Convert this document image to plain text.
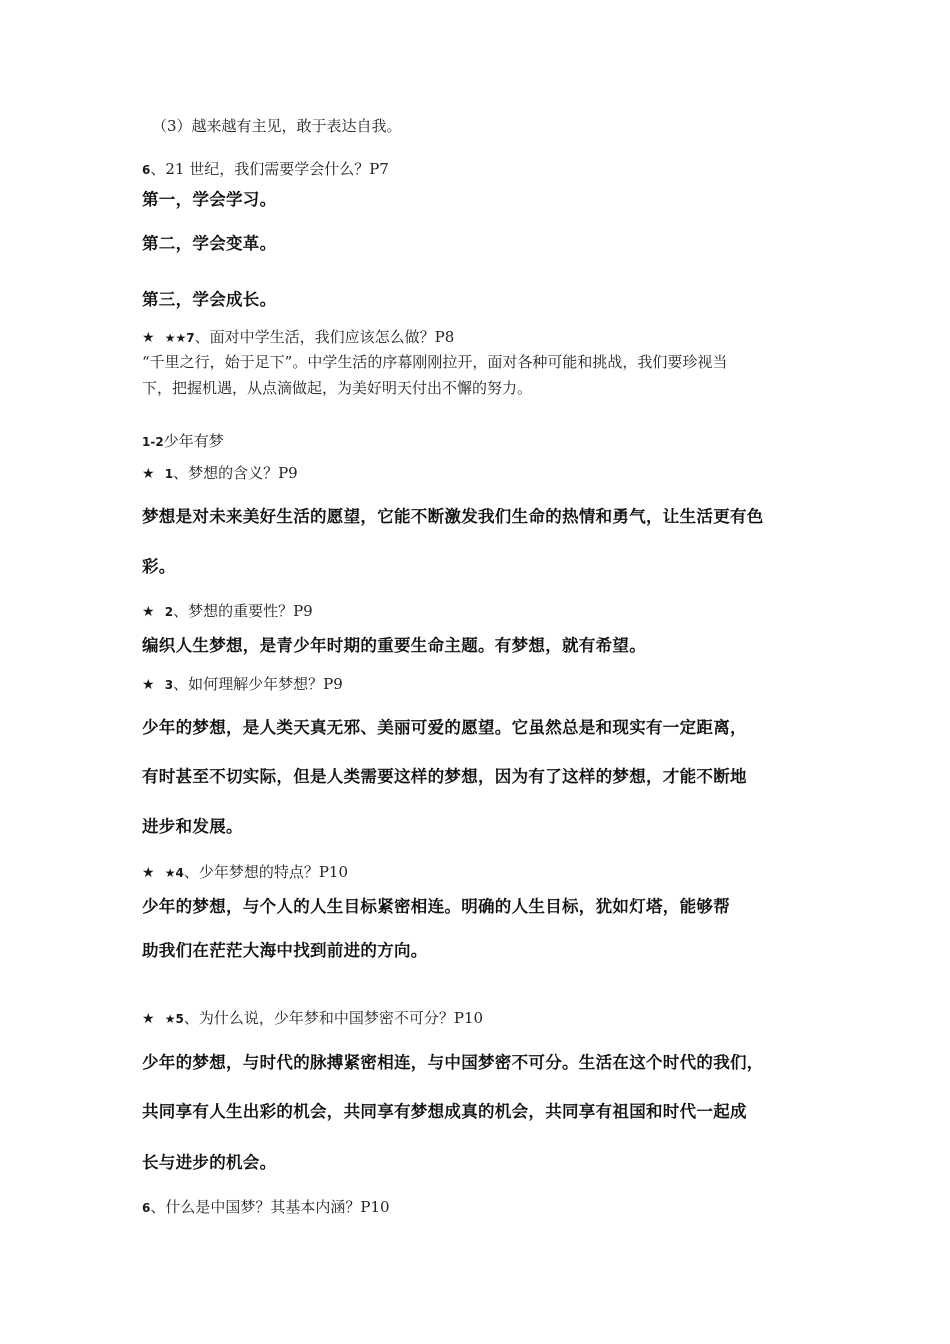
（3）越来越有主见，敢于表达自我。
6、21 世纪，我们需要学会什么？P7
第一，学会学习。
第二，学会变革。
第三，学会成长。
★ ★★7、面对中学生活，我们应该怎么做？P8
“千里之行，始于足下”。中学生活的序幕刚刚拉开，面对各种可能和挑战，我们要珍视当
下，把握机遇，从点滴做起，为美好明天付出不懈的努力。
1-2少年有梦
★ 1、梦想的含义？P9
梦想是对未来美好生活的愿望，它能不断激发我们生命的热情和勇气，让生活更有色
彩。
★ 2、梦想的重要性？P9
编织人生梦想，是青少年时期的重要生命主题。有梦想，就有希望。
★ 3、如何理解少年梦想？P9
少年的梦想，是人类天真无邪、美丽可爱的愿望。它虽然总是和现实有一定距离，
有时甚至不切实际，但是人类需要这样的梦想，因为有了这样的梦想，才能不断地
进步和发展。
★ ★4、少年梦想的特点？P10
少年的梦想，与个人的人生目标紧密相连。明确的人生目标，犹如灯塔，能够帮
助我们在茫茫大海中找到前进的方向。
★ ★5、为什么说，少年梦和中国梦密不可分？P10
少年的梦想，与时代的脉搏紧密相连，与中国梦密不可分。生活在这个时代的我们，
共同享有人生出彩的机会，共同享有梦想成真的机会，共同享有祖国和时代一起成
长与进步的机会。
6、什么是中国梦？其基本内涵？P10
